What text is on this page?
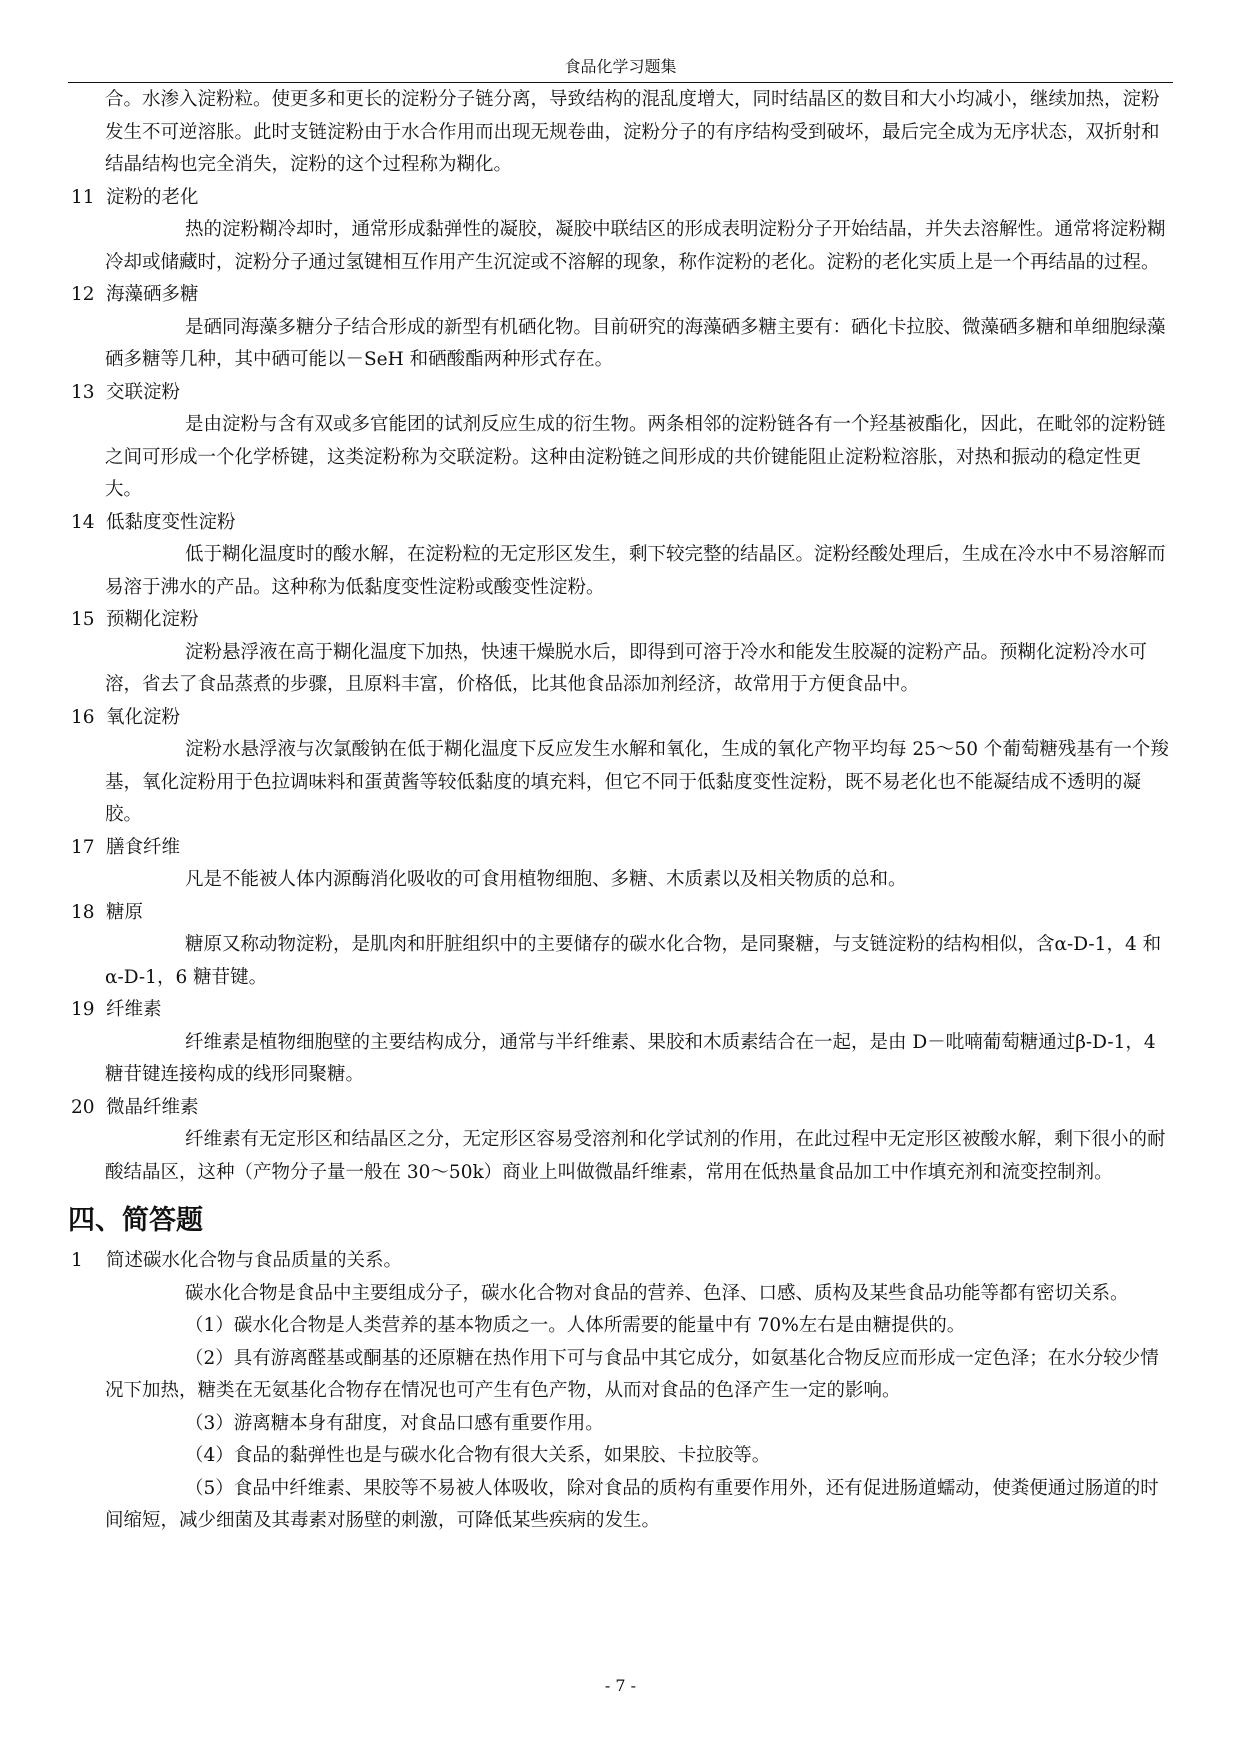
食品化学习题集

合。水渗入淀粉粒。使更多和更长的淀粉分子链分离，导致结构的混乱度增大，同时结晶区的数目和大小均减小，继续加热，淀粉发生不可逆溶胀。此时支链淀粉由于水合作用而出现无规卷曲，淀粉分子的有序结构受到破坏，最后完全成为无序状态，双折射和结晶结构也完全消失，淀粉的这个过程称为糊化。

11 淀粉的老化

热的淀粉糊冷却时，通常形成黏弹性的凝胶，凝胶中联结区的形成表明淀粉分子开始结晶，并失去溶解性。通常将淀粉糊冷却或储藏时，淀粉分子通过氢键相互作用产生沉淀或不溶解的现象，称作淀粉的老化。淀粉的老化实质上是一个再结晶的过程。

12 海藻硒多糖

是硒同海藻多糖分子结合形成的新型有机硒化物。目前研究的海藻硒多糖主要有：硒化卡拉胶、微藻硒多糖和单细胞绿藻硒多糖等几种，其中硒可能以－SeH 和硒酸酯两种形式存在。

13 交联淀粉

是由淀粉与含有双或多官能团的试剂反应生成的衍生物。两条相邻的淀粉链各有一个羟基被酯化，因此，在毗邻的淀粉链之间可形成一个化学桥键，这类淀粉称为交联淀粉。这种由淀粉链之间形成的共价键能阻止淀粉粒溶胀，对热和振动的稳定性更大。

14 低黏度变性淀粉

低于糊化温度时的酸水解，在淀粉粒的无定形区发生，剩下较完整的结晶区。淀粉经酸处理后，生成在冷水中不易溶解而易溶于沸水的产品。这种称为低黏度变性淀粉或酸变性淀粉。

15 预糊化淀粉

淀粉悬浮液在高于糊化温度下加热，快速干燥脱水后，即得到可溶于冷水和能发生胶凝的淀粉产品。预糊化淀粉冷水可溶，省去了食品蒸煮的步骤，且原料丰富，价格低，比其他食品添加剂经济，故常用于方便食品中。

16 氧化淀粉

淀粉水悬浮液与次氯酸钠在低于糊化温度下反应发生水解和氧化，生成的氧化产物平均每 25～50 个葡萄糖残基有一个羧基，氧化淀粉用于色拉调味料和蛋黄酱等较低黏度的填充料，但它不同于低黏度变性淀粉，既不易老化也不能凝结成不透明的凝胶。

17 膳食纤维

凡是不能被人体内源酶消化吸收的可食用植物细胞、多糖、木质素以及相关物质的总和。

18 糖原

糖原又称动物淀粉，是肌肉和肝脏组织中的主要储存的碳水化合物，是同聚糖，与支链淀粉的结构相似，含α-D-1，4 和 α-D-1，6 糖苷键。

19 纤维素

纤维素是植物细胞壁的主要结构成分，通常与半纤维素、果胶和木质素结合在一起，是由 D－吡喃葡萄糖通过β-D-1，4 糖苷键连接构成的线形同聚糖。

20 微晶纤维素

纤维素有无定形区和结晶区之分，无定形区容易受溶剂和化学试剂的作用，在此过程中无定形区被酸水解，剩下很小的耐酸结晶区，这种（产物分子量一般在 30～50k）商业上叫做微晶纤维素，常用在低热量食品加工中作填充剂和流变控制剂。

四、简答题
1 简述碳水化合物与食品质量的关系。

碳水化合物是食品中主要组成分子，碳水化合物对食品的营养、色泽、口感、质构及某些食品功能等都有密切关系。

（1）碳水化合物是人类营养的基本物质之一。人体所需要的能量中有 70%左右是由糖提供的。

（2）具有游离醛基或酮基的还原糖在热作用下可与食品中其它成分，如氨基化合物反应而形成一定色泽；在水分较少情况下加热，糖类在无氨基化合物存在情况也可产生有色产物，从而对食品的色泽产生一定的影响。

（3）游离糖本身有甜度，对食品口感有重要作用。

（4）食品的黏弹性也是与碳水化合物有很大关系，如果胶、卡拉胶等。

（5）食品中纤维素、果胶等不易被人体吸收，除对食品的质构有重要作用外，还有促进肠道蠕动，使粪便通过肠道的时间缩短，减少细菌及其毒素对肠壁的刺激，可降低某些疾病的发生。

- 7 -
